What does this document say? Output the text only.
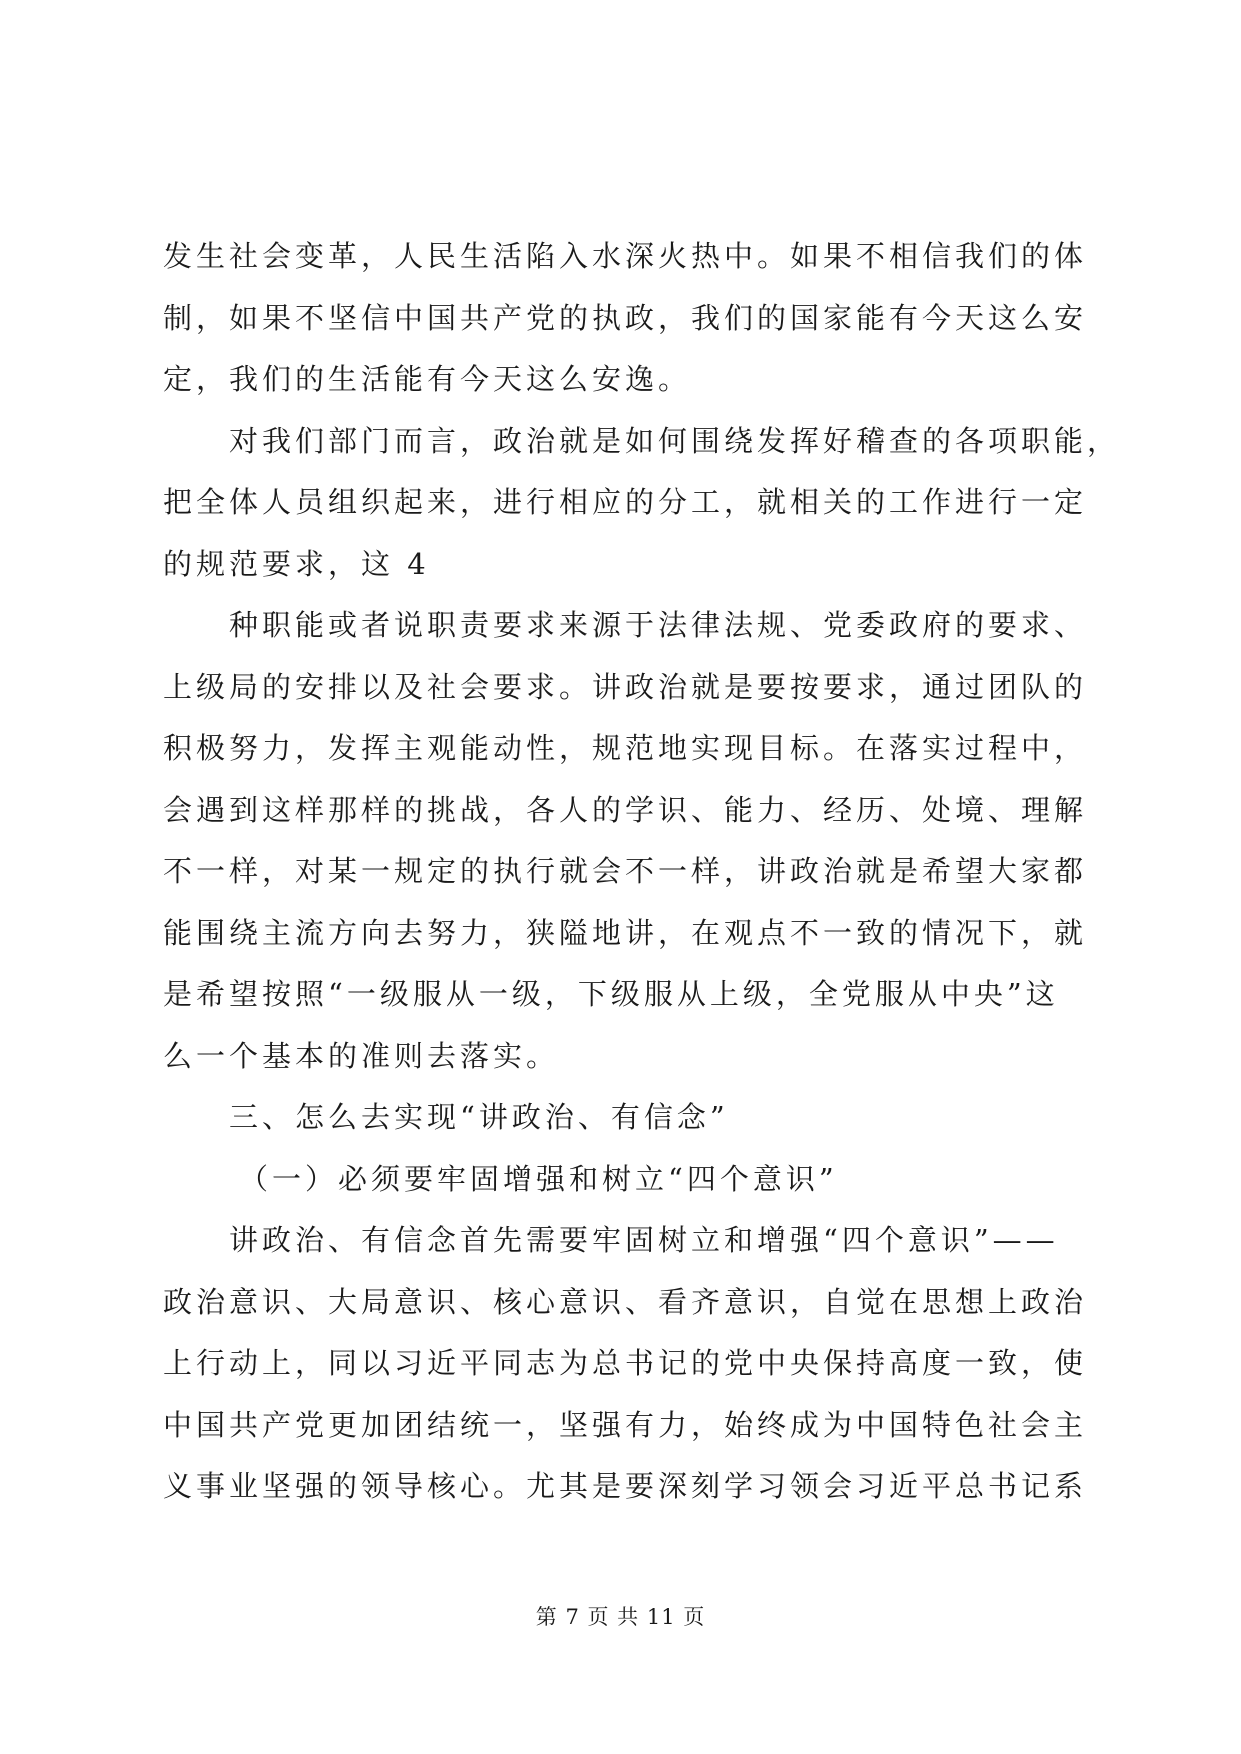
发生社会变革，人民生活陷入水深火热中。如果不相信我们的体
制，如果不坚信中国共产党的执政，我们的国家能有今天这么安
定，我们的生活能有今天这么安逸。
对我们部门而言，政治就是如何围绕发挥好稽查的各项职能，
把全体人员组织起来，进行相应的分工，就相关的工作进行一定
的规范要求，这 4
种职能或者说职责要求来源于法律法规、党委政府的要求、
上级局的安排以及社会要求。讲政治就是要按要求，通过团队的
积极努力，发挥主观能动性，规范地实现目标。在落实过程中，
会遇到这样那样的挑战，各人的学识、能力、经历、处境、理解
不一样，对某一规定的执行就会不一样，讲政治就是希望大家都
能围绕主流方向去努力，狭隘地讲，在观点不一致的情况下，就
是希望按照“一级服从一级，下级服从上级，全党服从中央”这
么一个基本的准则去落实。
三、怎么去实现“讲政治、有信念”
（一）必须要牢固增强和树立“四个意识”
讲政治、有信念首先需要牢固树立和增强“四个意识”——
政治意识、大局意识、核心意识、看齐意识，自觉在思想上政治
上行动上，同以习近平同志为总书记的党中央保持高度一致，使
中国共产党更加团结统一，坚强有力，始终成为中国特色社会主
义事业坚强的领导核心。尤其是要深刻学习领会习近平总书记系
第 7 页 共 11 页
